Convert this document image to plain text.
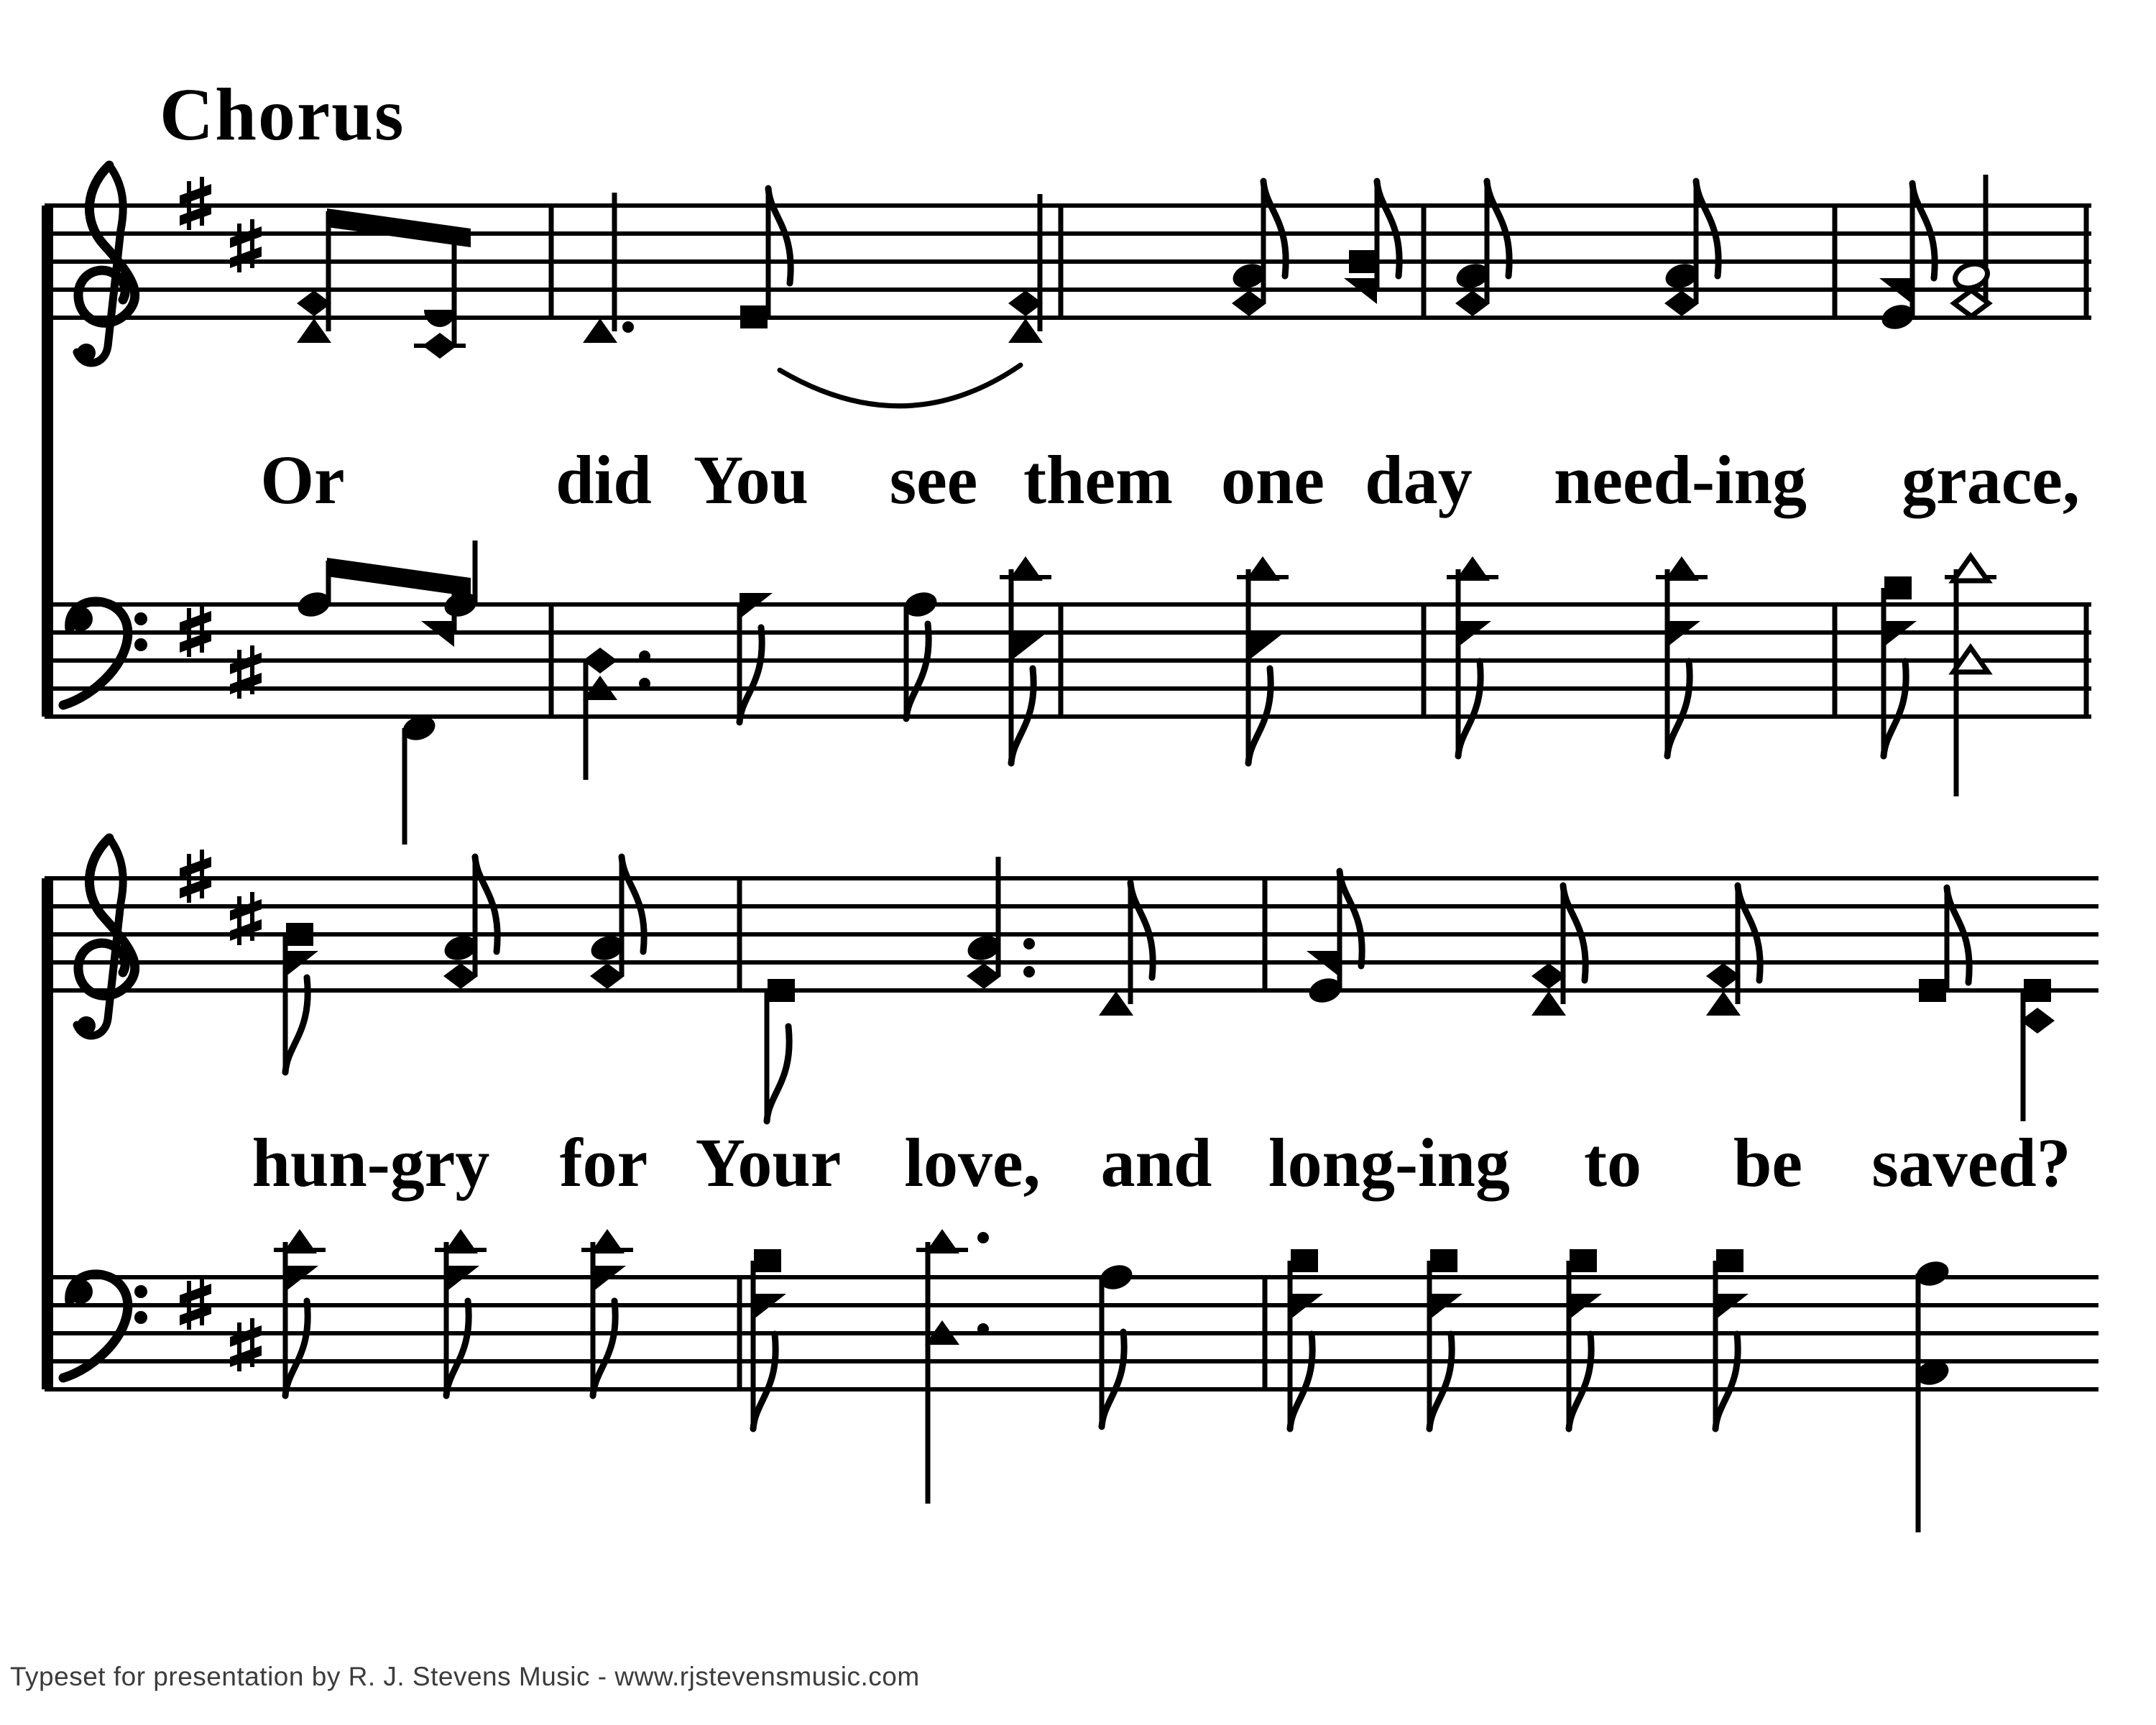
Chorus
Or	did You see them one day need-ing grace,
hun-gry for Your love, and long-ing to be saved?
Typeset for presentation by R. J. Stevens Music - www.rjstevensmusic.com
